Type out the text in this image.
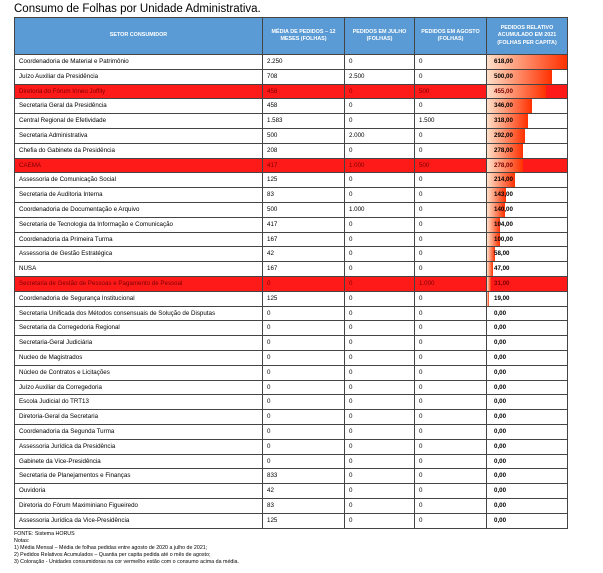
Consumo de Folhas por Unidade Administrativa.
SETOR CONSUMIDOR	MÉDIA DE PEDIDOS – 12 MESES (FOLHAS)	PEDIDOS EM JULHO (FOLHAS)	PEDIDOS EM AGOSTO (FOLHAS)	PEDIDOS RELATIVO ACUMULADO EM 2021 (FOLHAS PER CAPITA)
Coordenadoria de Material e Patrimônio	2.250	0	0	618,00
Juízo Auxiliar da Presidência	708	2.500	0	500,00
Diretoria do Fórum Irineu Joffily	458	0	500	455,00
Secretaria Geral da Presidência	458	0	0	346,00
Central Regional de Efetividade	1.583	0	1.500	318,00
Secretaria Administrativa	500	2.000	0	292,00
Chefia do Gabinete da Presidência	208	0	0	278,00
CAEMA	417	1.000	500	278,00
Assessoria de Comunicação Social	125	0	0	214,00
Secretaria de Auditoria Interna	83	0	0	143,00
Coordenadoria de Documentação e Arquivo	500	1.000	0	140,00
Secretaria de Tecnologia da Informação e Comunicação	417	0	0	104,00
Coordenadoria da Primeira Turma	167	0	0	100,00
Assessoria de Gestão Estratégica	42	0	0	58,00
NUSA	167	0	0	47,00
Secretaria de Gestão de Pessoas e Pagamento de Pessoal	0	0	1.000	31,00
Coordenadoria de Segurança Institucional	125	0	0	19,00
Secretaria Unificada dos Métodos consensuais de Solução de Disputas	0	0	0	0,00
Secretaria da Corregedoria Regional	0	0	0	0,00
Secretaria-Geral Judiciária	0	0	0	0,00
Nucleo de Magistrados	0	0	0	0,00
Núcleo de Contratos e Licitações	0	0	0	0,00
Juízo Auxiliar da Corregedoria	0	0	0	0,00
Escola Judicial do TRT13	0	0	0	0,00
Diretoria-Geral da Secretaria	0	0	0	0,00
Coordenadoria da Segunda Turma	0	0	0	0,00
Assessoria Jurídica da Presidência	0	0	0	0,00
Gabinete da Vice-Presidência	0	0	0	0,00
Secretaria de Planejamentos e Finanças	833	0	0	0,00
Ouvidoria	42	0	0	0,00
Diretoria do Fórum Maximiniano Figueiredo	83	0	0	0,00
Assessoria Jurídica da Vice-Presidência	125	0	0	0,00
FONTE: Sistema HORUS
Notas:
1) Média Mensal – Média de folhas pedidas entre agosto de 2020 a julho de 2021;
2) Pedidos Relativos Acumulados – Quantia per capita pedida até o mês de agosto;
3) Coloração - Unidades consumidoras na cor vermelho estão com o consumo acima da média.
